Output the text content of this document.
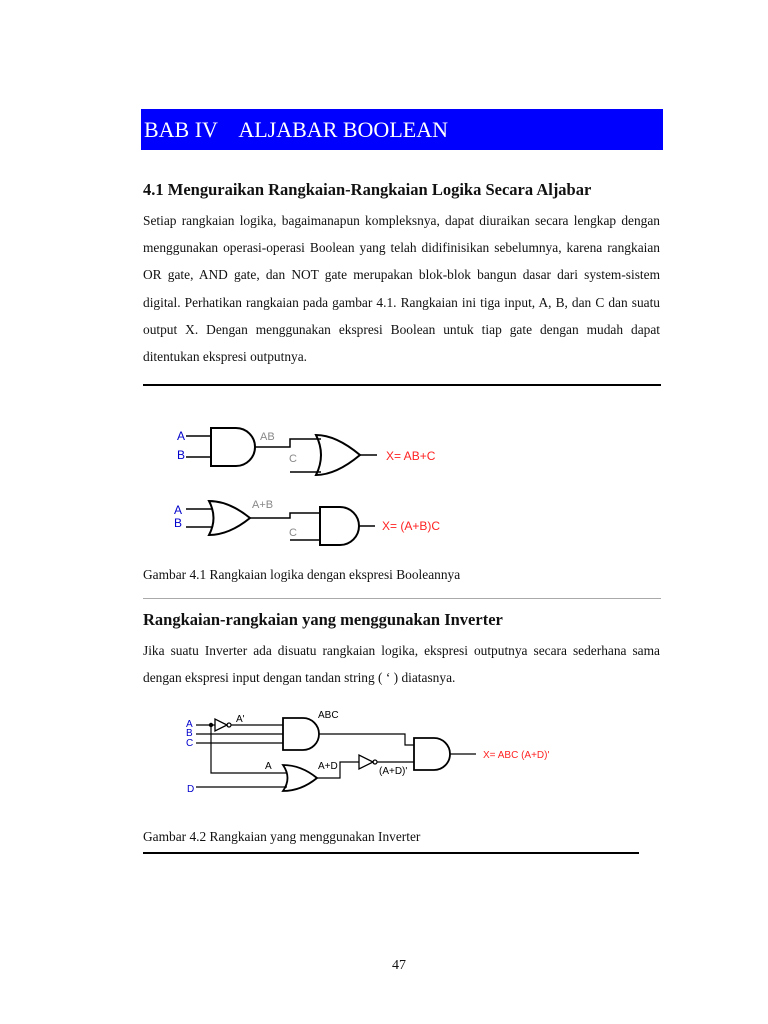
BAB IV ALJABAR BOOLEAN
4.1 Menguraikan Rangkaian-Rangkaian Logika Secara Aljabar

Setiap rangkaian logika, bagaimanapun kompleksnya, dapat diuraikan secara lengkap dengan menggunakan operasi-operasi Boolean yang telah didifinisikan sebelumnya, karena rangkaian OR gate, AND gate, dan NOT gate merupakan blok-blok bangun dasar dari system-sistem digital. Perhatikan rangkaian pada gambar 4.1. Rangkaian ini tiga input, A, B, dan C dan suatu output X. Dengan menggunakan ekspresi Boolean untuk tiap gate dengan mudah dapat ditentukan ekspresi outputnya.

A
B
AB
C	X= AB+C
A
B
A+B
C	X= (A+B)C
Gambar 4.1 Rangkaian logika dengan ekspresi Booleannya
Rangkaian-rangkaian yang menggunakan Inverter

Jika suatu Inverter ada disuatu rangkaian logika, ekspresi outputnya secara sederhana sama dengan ekspresi input dengan tandan string ( ‘ ) diatasnya.

A
B
C
A'	ABC
A	A+D	(A+D)'
D
X= ABC (A+D)'
Gambar 4.2 Rangkaian yang menggunakan Inverter
47
